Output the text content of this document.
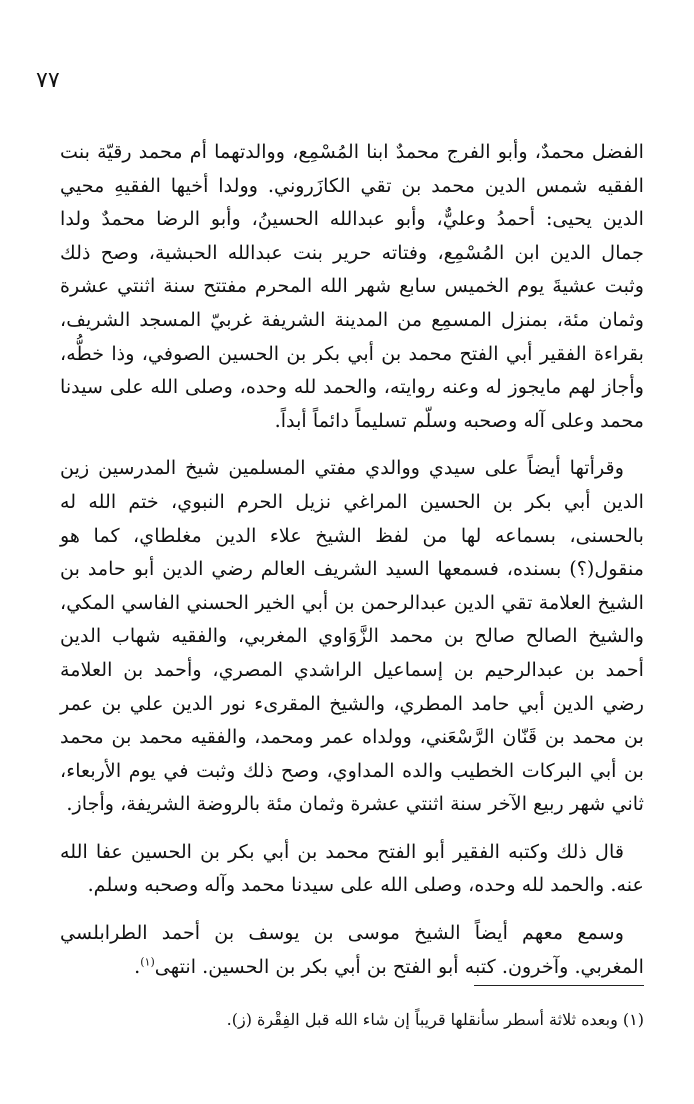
٧٧

الفضل محمدٌ، وأبو الفرج محمدٌ ابنا المُسْمِع، ووالدتهما أم محمد رقيّة بنت الفقيه شمس الدين محمد بن تقي الكازَروني. وولدا أخيها الفقيهِ محيي الدين يحيى: أحمدُ وعليٌّ، وأبو عبدالله الحسينُ، وأبو الرضا محمدٌ ولدا جمال الدين ابن المُسْمِع، وفتاته حرير بنت عبدالله الحبشية، وصح ذلك وثبت عشيةَ يوم الخميس سابع شهر الله المحرم مفتتح سنة اثنتي عشرة وثمان مئة، بمنزل المسمِع من المدينة الشريفة غربيّ المسجد الشريف، بقراءة الفقير أبي الفتح محمد بن أبي بكر بن الحسين الصوفي، وذا خطُّه، وأجاز لهم مايجوز له وعنه روايته، والحمد لله وحده، وصلى الله على سيدنا محمد وعلى آله وصحبه وسلّم تسليماً دائماً أبداً.

وقرأتها أيضاً على سيدي ووالدي مفتي المسلمين شيخ المدرسين زين الدين أبي بكر بن الحسين المراغي نزيل الحرم النبوي، ختم الله له بالحسنى، بسماعه لها من لفظ الشيخ علاء الدين مغلطاي، كما هو منقول(؟) بسنده، فسمعها السيد الشريف العالم رضي الدين أبو حامد بن الشيخ العلامة تقي الدين عبدالرحمن بن أبي الخير الحسني الفاسي المكي، والشيخ الصالح صالح بن محمد الزَّوَاوي المغربي، والفقيه شهاب الدين أحمد بن عبدالرحيم بن إسماعيل الراشدي المصري، وأحمد بن العلامة رضي الدين أبي حامد المطري، والشيخ المقرىء نور الدين علي بن عمر بن محمد بن قَنّان الرَّسْعَني، وولداه عمر ومحمد، والفقيه محمد بن محمد بن أبي البركات الخطيب والده المداوي، وصح ذلك وثبت في يوم الأربعاء، ثاني شهر ربيع الآخر سنة اثنتي عشرة وثمان مئة بالروضة الشريفة، وأجاز.

قال ذلك وكتبه الفقير أبو الفتح محمد بن أبي بكر بن الحسين عفا الله عنه. والحمد لله وحده، وصلى الله على سيدنا محمد وآله وصحبه وسلم.

وسمع معهم أيضاً الشيخ موسى بن يوسف بن أحمد الطرابلسي المغربي. وآخرون. كتبه أبو الفتح بن أبي بكر بن الحسين. انتهى$^{(١)}$.

(١) وبعده ثلاثة أسطر سأنقلها قريباً إن شاء الله قبل الفِقْرة (ز).
